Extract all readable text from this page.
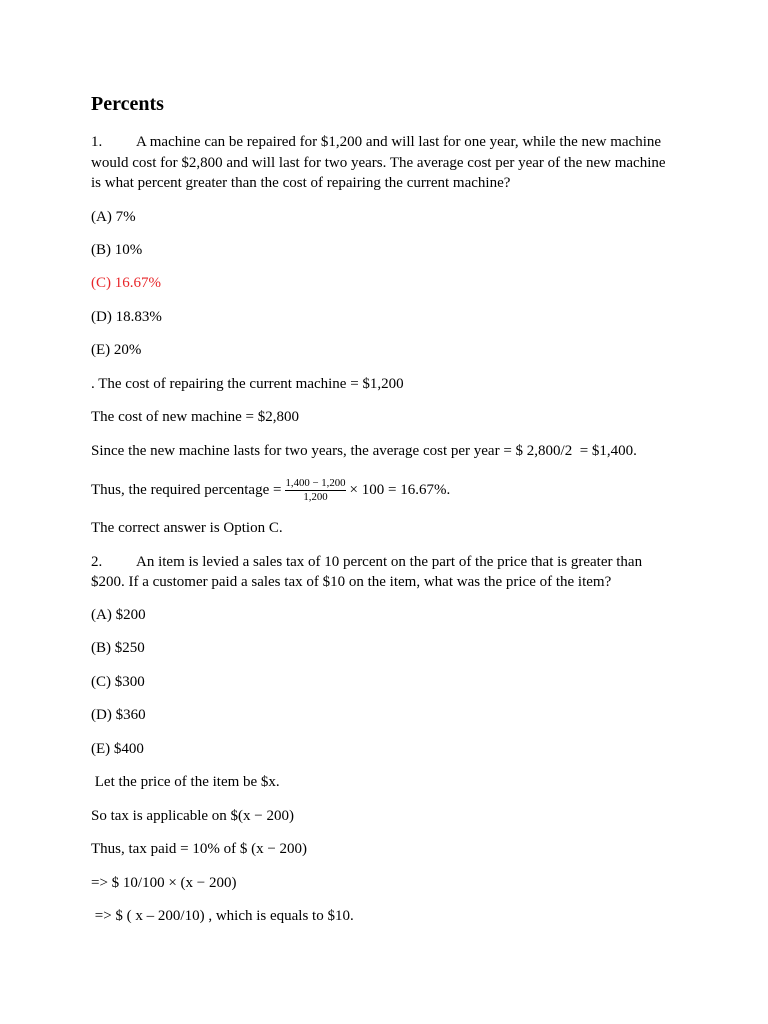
Percents
1. A machine can be repaired for $1,200 and will last for one year, while the new machine
would cost for $2,800 and will last for two years. The average cost per year of the new machine
is what percent greater than the cost of repairing the current machine?
(A) 7%
(B) 10%
(C) 16.67%
(D) 18.83%
(E) 20%
. The cost of repairing the current machine = $1,200
The cost of new machine = $2,800
Since the new machine lasts for two years, the average cost per year = $ 2,800/2  = $1,400.
Thus, the required percentage = $\frac{1,400 - 1,200}{1,200} \times 100 = 16.67\%$.
The correct answer is Option C.
2. An item is levied a sales tax of 10 percent on the part of the price that is greater than
$200. If a customer paid a sales tax of $10 on the item, what was the price of the item?
(A) $200
(B) $250
(C) $300
(D) $360
(E) $400
Let the price of the item be $x.
So tax is applicable on $(x − 200)
Thus, tax paid = 10% of $ (x − 200)
=> $ 10/100 × (x − 200)
=> $ ( x – 200/10) , which is equals to $10.
